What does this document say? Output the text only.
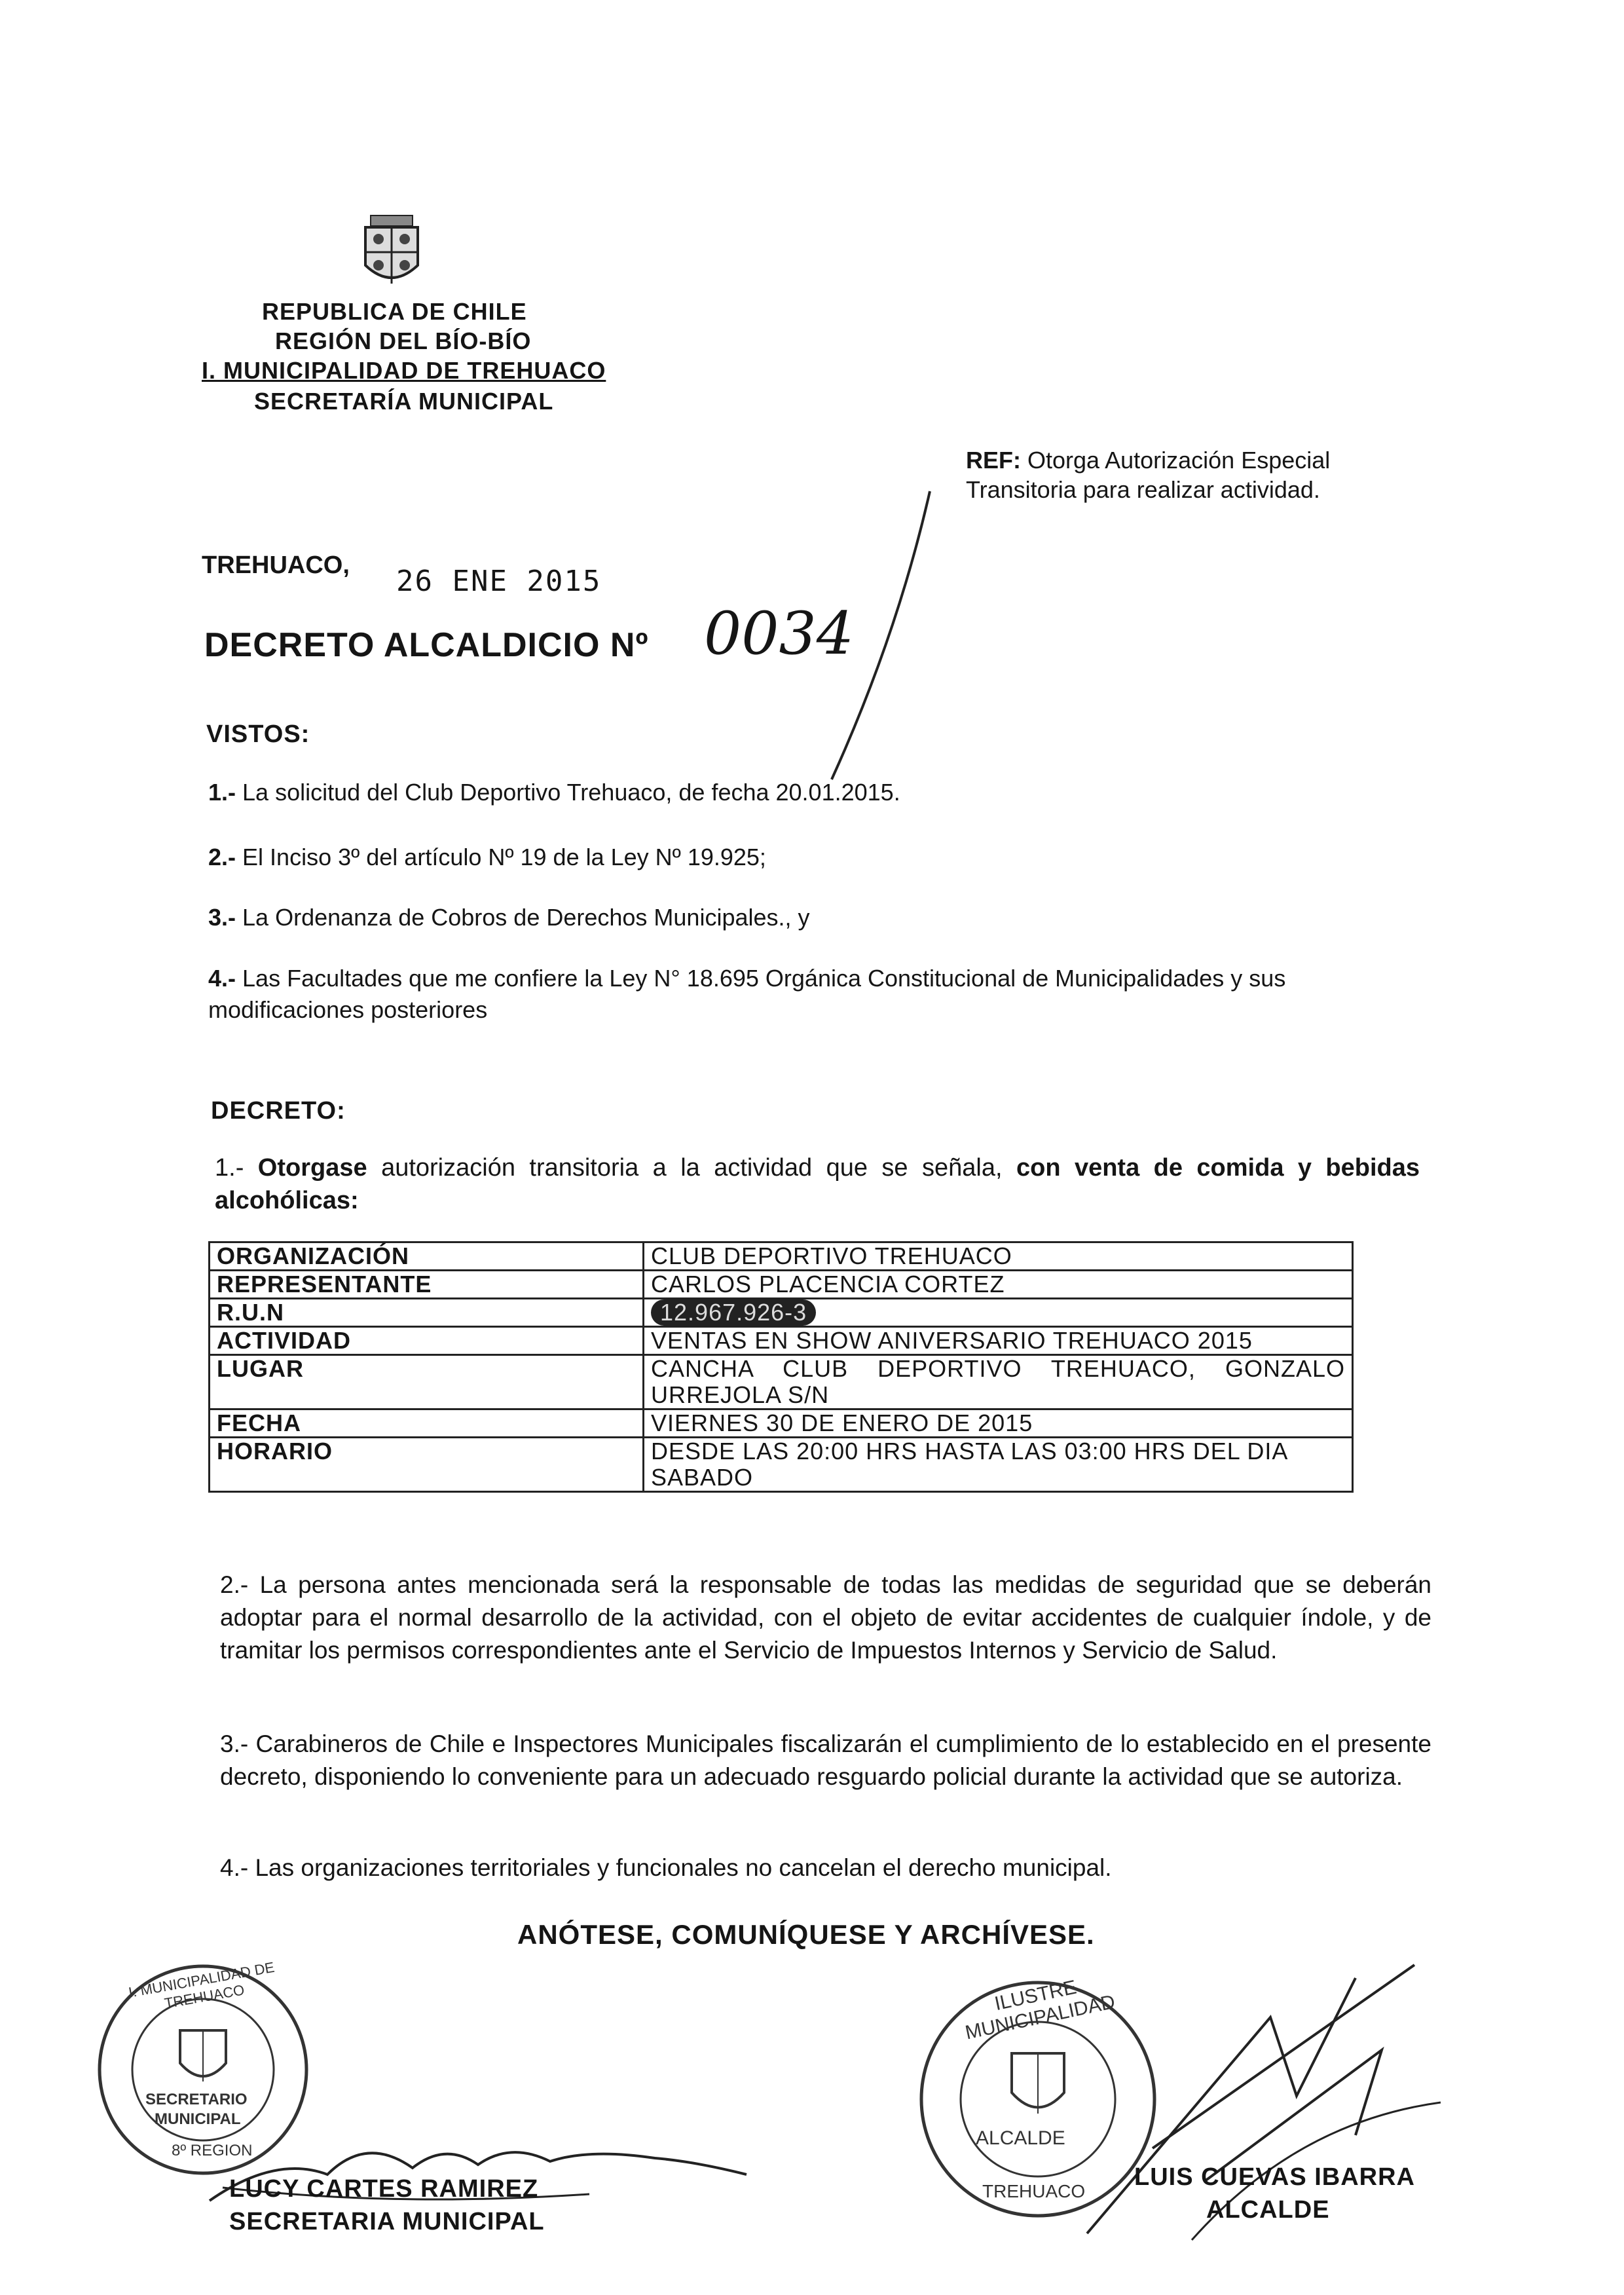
REPUBLICA DE CHILE
REGIÓN DEL BÍO-BÍO
I. MUNICIPALIDAD DE TREHUACO
SECRETARÍA MUNICIPAL
REF: Otorga Autorización Especial
Transitoria para realizar actividad.
TREHUACO, 26 ENE 2015
DECRETO ALCALDICIO Nº 0034
VISTOS:
1.- La solicitud del Club Deportivo Trehuaco, de fecha 20.01.2015.
2.- El Inciso 3º del artículo Nº 19 de la Ley Nº 19.925;
3.- La Ordenanza de Cobros de Derechos Municipales., y
4.- Las Facultades que me confiere la Ley N° 18.695 Orgánica Constitucional de Municipalidades y sus modificaciones posteriores
DECRETO:
1.- Otorgase autorización transitoria a la actividad que se señala, con venta de comida y bebidas alcohólicas:
ORGANIZACIÓN	CLUB DEPORTIVO TREHUACO
REPRESENTANTE	CARLOS PLACENCIA CORTEZ
R.U.N	12.967.926-3
ACTIVIDAD	VENTAS EN SHOW ANIVERSARIO TREHUACO 2015
LUGAR	CANCHA CLUB DEPORTIVO TREHUACO, GONZALO URREJOLA S/N
FECHA	VIERNES 30 DE ENERO DE 2015
HORARIO	DESDE LAS 20:00 HRS HASTA LAS 03:00 HRS DEL DIA SABADO
2.- La persona antes mencionada será la responsable de todas las medidas de seguridad que se deberán adoptar para el normal desarrollo de la actividad, con el objeto de evitar accidentes de cualquier índole, y de tramitar los permisos correspondientes ante el Servicio de Impuestos Internos y Servicio de Salud.
3.- Carabineros de Chile e Inspectores Municipales fiscalizarán el cumplimiento de lo establecido en el presente decreto, disponiendo lo conveniente para un adecuado resguardo policial durante la actividad que se autoriza.
4.- Las organizaciones territoriales y funcionales no cancelan el derecho municipal.
ANÓTESE, COMUNÍQUESE Y ARCHÍVESE.
I. MUNICIPALIDAD DE TREHUACO
SECRETARIO
MUNICIPAL
8º REGION
ILUSTRE MUNICIPALIDAD
ALCALDE
TREHUACO
LUCY CARTES RAMIREZ
SECRETARIA MUNICIPAL
LUIS CUEVAS IBARRA
ALCALDE
